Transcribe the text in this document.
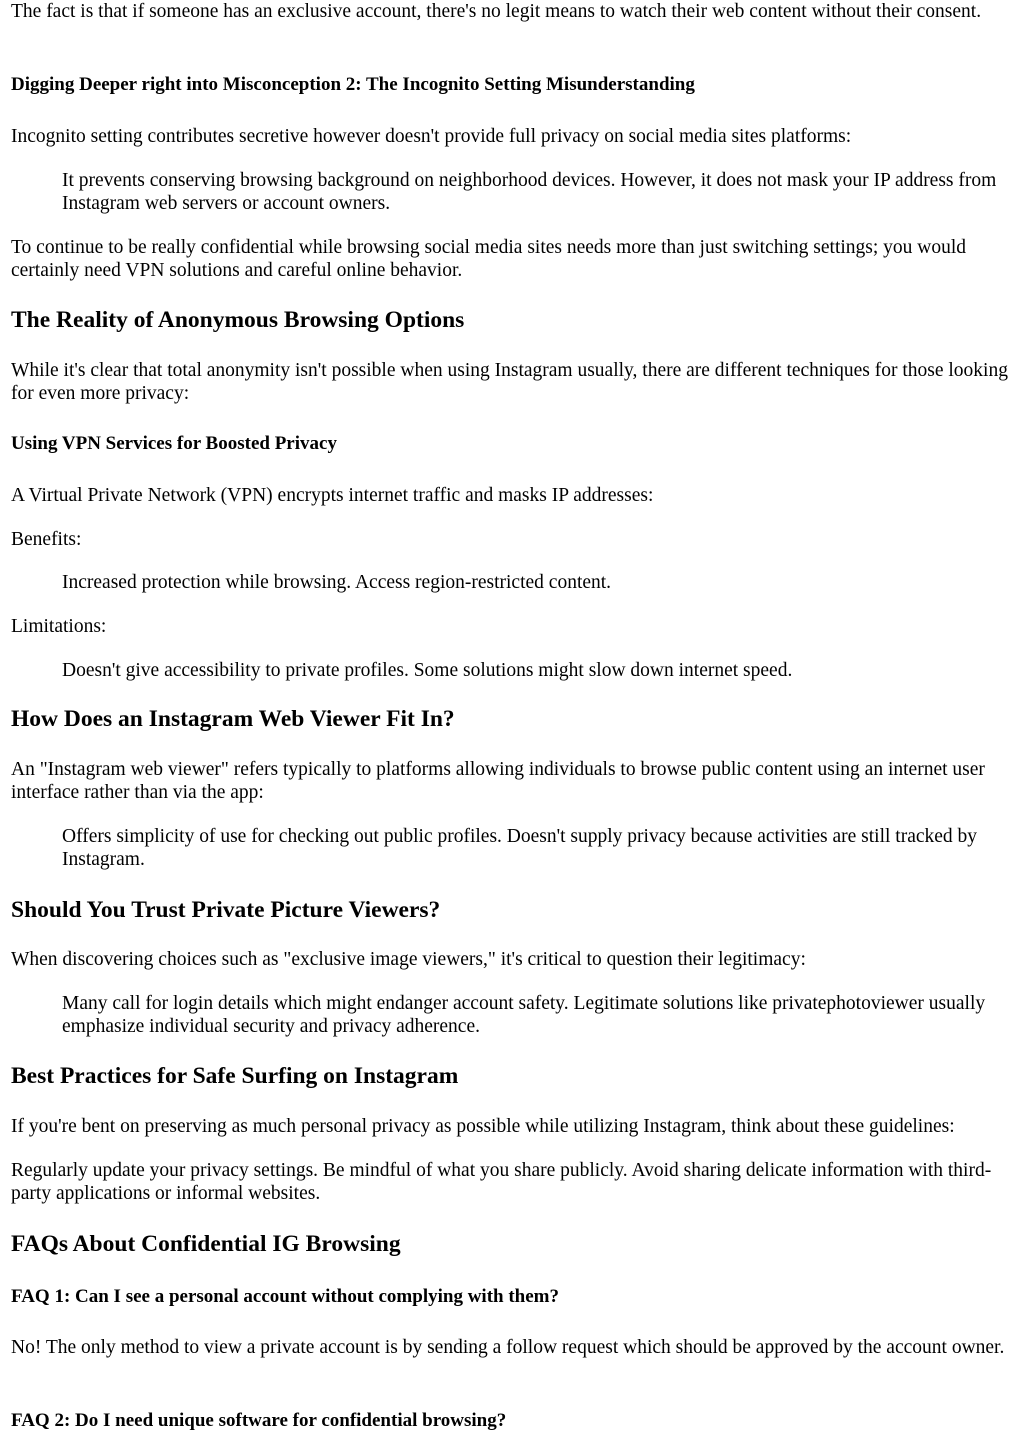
The fact is that if someone has an exclusive account, there's no legit means to watch their web content without their consent.

Digging Deeper right into Misconception 2: The Incognito Setting Misunderstanding

Incognito setting contributes secretive however doesn't provide full privacy on social media sites platforms:

It prevents conserving browsing background on neighborhood devices. However, it does not mask your IP address from Instagram web servers or account owners.

To continue to be really confidential while browsing social media sites needs more than just switching settings; you would certainly need VPN solutions and careful online behavior.

The Reality of Anonymous Browsing Options

While it's clear that total anonymity isn't possible when using Instagram usually, there are different techniques for those looking for even more privacy:

Using VPN Services for Boosted Privacy

A Virtual Private Network (VPN) encrypts internet traffic and masks IP addresses:

Benefits:

Increased protection while browsing. Access region-restricted content.

Limitations:

Doesn't give accessibility to private profiles. Some solutions might slow down internet speed.

How Does an Instagram Web Viewer Fit In?

An "Instagram web viewer" refers typically to platforms allowing individuals to browse public content using an internet user interface rather than via the app:

Offers simplicity of use for checking out public profiles. Doesn't supply privacy because activities are still tracked by Instagram.

Should You Trust Private Picture Viewers?

When discovering choices such as "exclusive image viewers," it's critical to question their legitimacy:

Many call for login details which might endanger account safety. Legitimate solutions like privatephotoviewer usually emphasize individual security and privacy adherence.

Best Practices for Safe Surfing on Instagram

If you're bent on preserving as much personal privacy as possible while utilizing Instagram, think about these guidelines:

Regularly update your privacy settings. Be mindful of what you share publicly. Avoid sharing delicate information with third-party applications or informal websites.

FAQs About Confidential IG Browsing
FAQ 1: Can I see a personal account without complying with them?

No! The only method to view a private account is by sending a follow request which should be approved by the account owner.

FAQ 2: Do I need unique software for confidential browsing?
